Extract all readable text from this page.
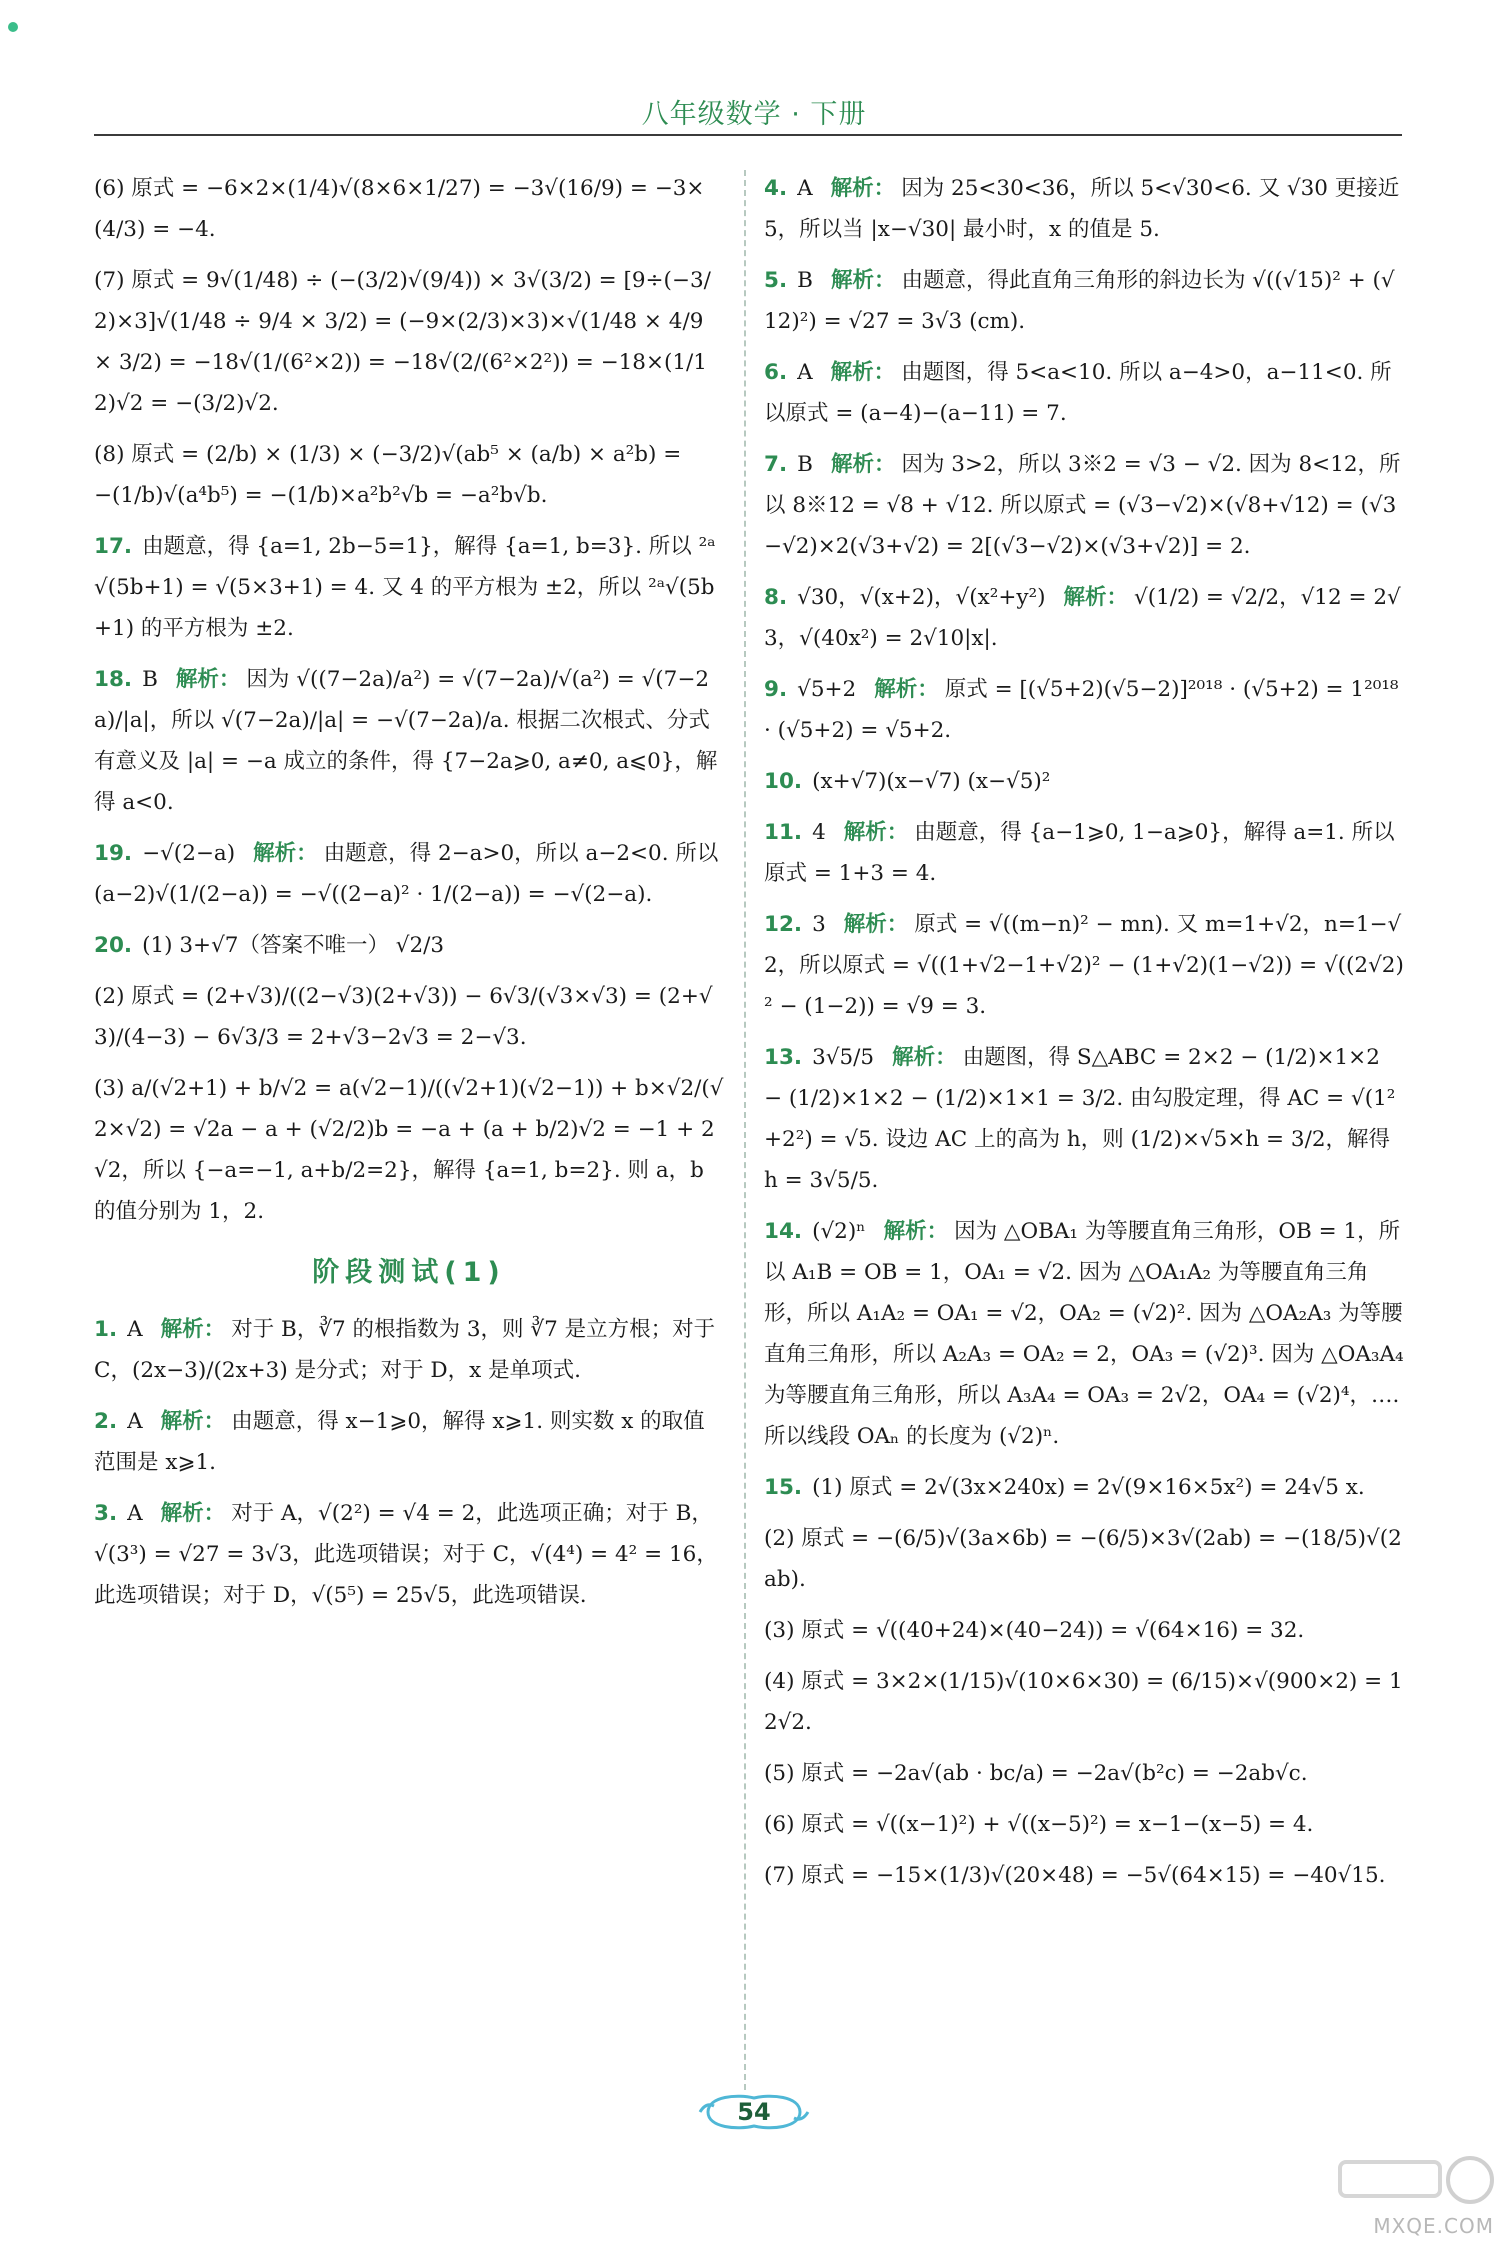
八年级数学 · 下册
(6) 原式 = −6×2×(1/4)√(8×6×1/27) = −3√(16/9) = −3×(4/3) = −4.
(7) 原式 = 9√(1/48) ÷ (−(3/2)√(9/4)) × 3√(3/2) = [9÷(−3/2)×3]√(1/48 ÷ 9/4 × 3/2) = (−9×(2/3)×3)×√(1/48 × 4/9 × 3/2) = −18√(1/(6²×2)) = −18√(2/(6²×2²)) = −18×(1/12)√2 = −(3/2)√2.
(8) 原式 = (2/b) × (1/3) × (−3/2)√(ab⁵ × (a/b) × a²b) = −(1/b)√(a⁴b⁵) = −(1/b)×a²b²√b = −a²b√b.
17. 由题意，得 {a=1, 2b−5=1}，解得 {a=1, b=3}. 所以 ²ᵃ√(5b+1) = √(5×3+1) = 4. 又 4 的平方根为 ±2，所以 ²ᵃ√(5b+1) 的平方根为 ±2.
18. B 解析： 因为 √((7−2a)/a²) = √(7−2a)/√(a²) = √(7−2a)/|a|，所以 √(7−2a)/|a| = −√(7−2a)/a. 根据二次根式、分式有意义及 |a| = −a 成立的条件，得 {7−2a⩾0, a≠0, a⩽0}，解得 a<0.
19. −√(2−a) 解析： 由题意，得 2−a>0，所以 a−2<0. 所以 (a−2)√(1/(2−a)) = −√((2−a)² · 1/(2−a)) = −√(2−a).
20. (1) 3+√7（答案不唯一） √2/3
(2) 原式 = (2+√3)/((2−√3)(2+√3)) − 6√3/(√3×√3) = (2+√3)/(4−3) − 6√3/3 = 2+√3−2√3 = 2−√3.
(3) a/(√2+1) + b/√2 = a(√2−1)/((√2+1)(√2−1)) + b×√2/(√2×√2) = √2a − a + (√2/2)b = −a + (a + b/2)√2 = −1 + 2√2，所以 {−a=−1, a+b/2=2}，解得 {a=1, b=2}. 则 a，b 的值分别为 1，2.
阶段测试(1)
1. A 解析： 对于 B，∛7 的根指数为 3，则 ∛7 是立方根；对于 C，(2x−3)/(2x+3) 是分式；对于 D，x 是单项式.
2. A 解析： 由题意，得 x−1⩾0，解得 x⩾1. 则实数 x 的取值范围是 x⩾1.
3. A 解析： 对于 A，√(2²) = √4 = 2，此选项正确；对于 B，√(3³) = √27 = 3√3，此选项错误；对于 C，√(4⁴) = 4² = 16，此选项错误；对于 D，√(5⁵) = 25√5，此选项错误.
4. A 解析： 因为 25<30<36，所以 5<√30<6. 又 √30 更接近 5，所以当 |x−√30| 最小时，x 的值是 5.
5. B 解析： 由题意，得此直角三角形的斜边长为 √((√15)² + (√12)²) = √27 = 3√3 (cm).
6. A 解析： 由题图，得 5<a<10. 所以 a−4>0，a−11<0. 所以原式 = (a−4)−(a−11) = 7.
7. B 解析： 因为 3>2，所以 3※2 = √3 − √2. 因为 8<12，所以 8※12 = √8 + √12. 所以原式 = (√3−√2)×(√8+√12) = (√3−√2)×2(√3+√2) = 2[(√3−√2)×(√3+√2)] = 2.
8. √30，√(x+2)，√(x²+y²) 解析： √(1/2) = √2/2，√12 = 2√3，√(40x²) = 2√10|x|.
9. √5+2 解析： 原式 = [(√5+2)(√5−2)]²⁰¹⁸ · (√5+2) = 1²⁰¹⁸ · (√5+2) = √5+2.
10. (x+√7)(x−√7) (x−√5)²
11. 4 解析： 由题意，得 {a−1⩾0, 1−a⩾0}，解得 a=1. 所以原式 = 1+3 = 4.
12. 3 解析： 原式 = √((m−n)² − mn). 又 m=1+√2，n=1−√2，所以原式 = √((1+√2−1+√2)² − (1+√2)(1−√2)) = √((2√2)² − (1−2)) = √9 = 3.
13. 3√5/5 解析： 由题图，得 S△ABC = 2×2 − (1/2)×1×2 − (1/2)×1×2 − (1/2)×1×1 = 3/2. 由勾股定理，得 AC = √(1²+2²) = √5. 设边 AC 上的高为 h，则 (1/2)×√5×h = 3/2，解得 h = 3√5/5.
14. (√2)ⁿ 解析： 因为 △OBA₁ 为等腰直角三角形，OB = 1，所以 A₁B = OB = 1，OA₁ = √2. 因为 △OA₁A₂ 为等腰直角三角形，所以 A₁A₂ = OA₁ = √2，OA₂ = (√2)². 因为 △OA₂A₃ 为等腰直角三角形，所以 A₂A₃ = OA₂ = 2，OA₃ = (√2)³. 因为 △OA₃A₄ 为等腰直角三角形，所以 A₃A₄ = OA₃ = 2√2，OA₄ = (√2)⁴，…. 所以线段 OAₙ 的长度为 (√2)ⁿ.
15. (1) 原式 = 2√(3x×240x) = 2√(9×16×5x²) = 24√5 x.
(2) 原式 = −(6/5)√(3a×6b) = −(6/5)×3√(2ab) = −(18/5)√(2ab).
(3) 原式 = √((40+24)×(40−24)) = √(64×16) = 32.
(4) 原式 = 3×2×(1/15)√(10×6×30) = (6/15)×√(900×2) = 12√2.
(5) 原式 = −2a√(ab · bc/a) = −2a√(b²c) = −2ab√c.
(6) 原式 = √((x−1)²) + √((x−5)²) = x−1−(x−5) = 4.
(7) 原式 = −15×(1/3)√(20×48) = −5√(64×15) = −40√15.
54
MXQE.COM
